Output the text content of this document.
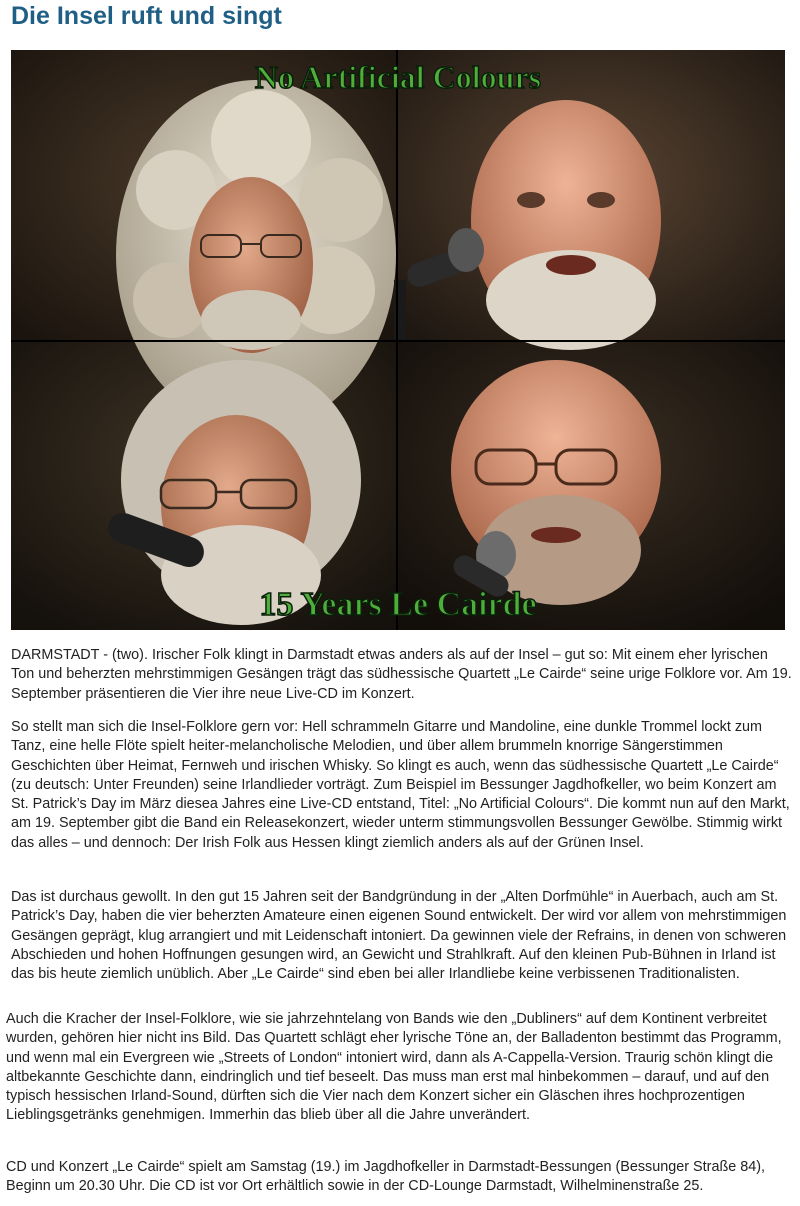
Die Insel ruft und singt
No Artificial Colours
15 Years Le Cairde

DARMSTADT - (two). Irischer Folk klingt in Darmstadt etwas anders als auf der Insel – gut so: Mit einem eher lyrischen Ton und beherzten mehrstimmigen Gesängen trägt das südhessische Quartett „Le Cairde“ seine urige Folklore vor. Am 19. September präsentieren die Vier ihre neue Live-CD im Konzert.

So stellt man sich die Insel-Folklore gern vor: Hell schrammeln Gitarre und Mandoline, eine dunkle Trommel lockt zum Tanz, eine helle Flöte spielt heiter-melancholische Melodien, und über allem brummeln knorrige Sängerstimmen Geschichten über Heimat, Fernweh und irischen Whisky. So klingt es auch, wenn das südhessische Quartett „Le Cairde“ (zu deutsch: Unter Freunden) seine Irlandlieder vorträgt. Zum Beispiel im Bessunger Jagdhofkeller, wo beim Konzert am St. Patrick’s Day im März diesea Jahres eine Live-CD entstand, Titel: „No Artificial Colours“. Die kommt nun auf den Markt, am 19. September gibt die Band ein Releasekonzert, wieder unterm stimmungsvollen Bessunger Gewölbe. Stimmig wirkt das alles – und dennoch: Der Irish Folk aus Hessen klingt ziemlich anders als auf der Grünen Insel.

Das ist durchaus gewollt. In den gut 15 Jahren seit der Bandgründung in der „Alten Dorfmühle“ in Auerbach, auch am St. Patrick’s Day, haben die vier beherzten Amateure einen eigenen Sound entwickelt. Der wird vor allem von mehrstimmigen Gesängen geprägt, klug arrangiert und mit Leidenschaft intoniert. Da gewinnen viele der Refrains, in denen von schweren Abschieden und hohen Hoffnungen gesungen wird, an Gewicht und Strahlkraft. Auf den kleinen Pub-Bühnen in Irland ist das bis heute ziemlich unüblich. Aber „Le Cairde“ sind eben bei aller Irlandliebe keine verbissenen Traditionalisten.

Auch die Kracher der Insel-Folklore, wie sie jahrzehntelang von Bands wie den „Dubliners“ auf dem Kontinent verbreitet wurden, gehören hier nicht ins Bild. Das Quartett schlägt eher lyrische Töne an, der Balladenton bestimmt das Programm, und wenn mal ein Evergreen wie „Streets of London“ intoniert wird, dann als A-Cappella-Version. Traurig schön klingt die altbekannte Geschichte dann, eindringlich und tief beseelt. Das muss man erst mal hinbekommen – darauf, und auf den typisch hessischen Irland-Sound, dürften sich die Vier nach dem Konzert sicher ein Gläschen ihres hochprozentigen Lieblingsgetränks genehmigen. Immerhin das blieb über all die Jahre unverändert.

CD und Konzert „Le Cairde“ spielt am Samstag (19.) im Jagdhofkeller in Darmstadt-Bessungen (Bessunger Straße 84), Beginn um 20.30 Uhr. Die CD ist vor Ort erhältlich sowie in der CD-Lounge Darmstadt, Wilhelminenstraße 25.
